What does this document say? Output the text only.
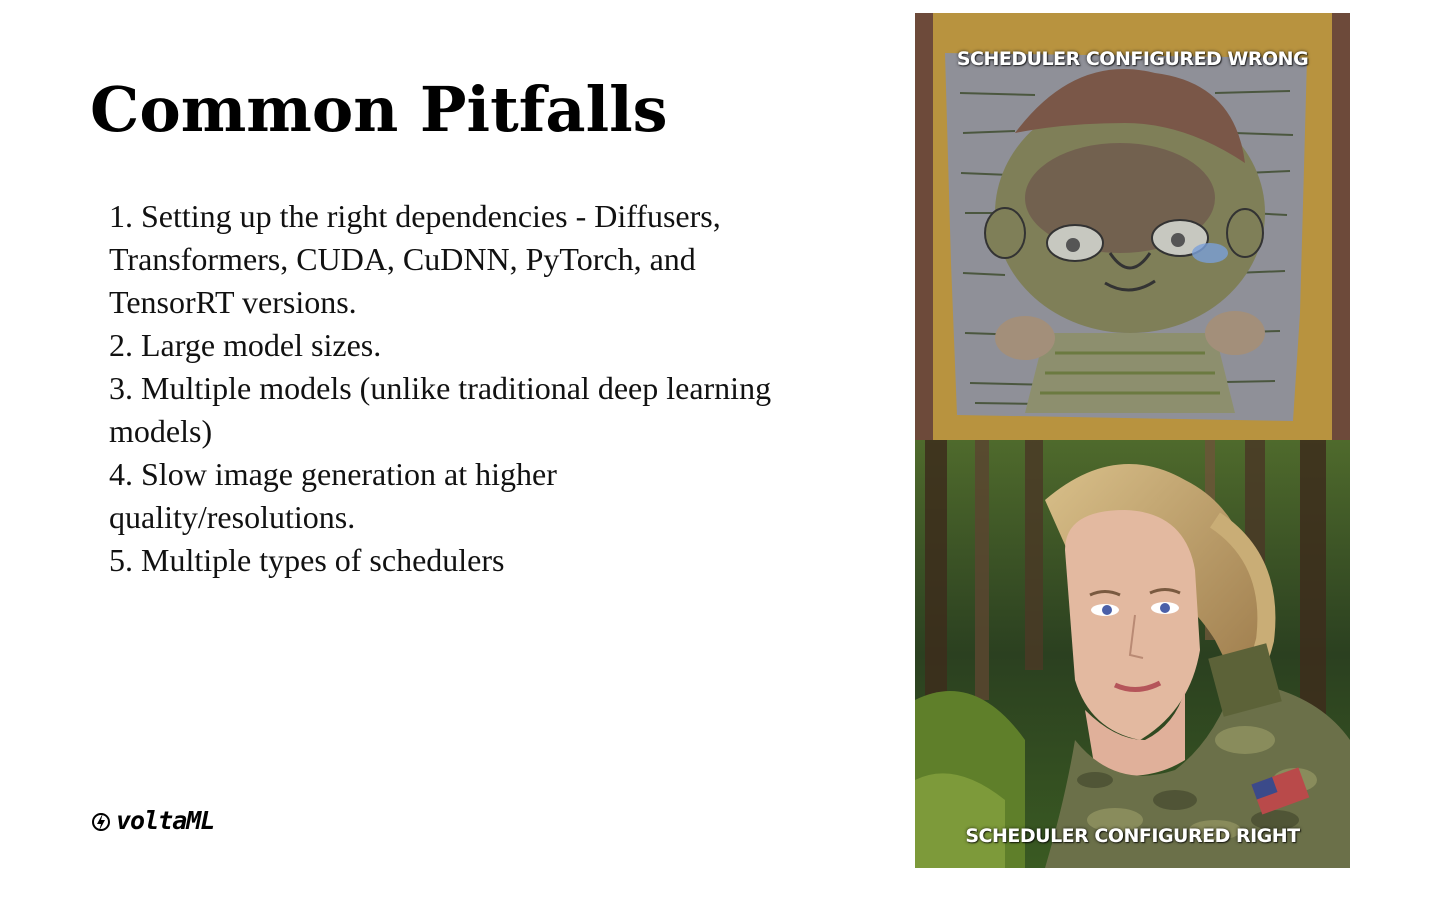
Common Pitfalls
1. Setting up the right dependencies - Diffusers, Transformers, CUDA, CuDNN, PyTorch, and TensorRT versions.
2. Large model sizes.
3. Multiple models (unlike traditional deep learning models)
4. Slow image generation at higher quality/resolutions.
5. Multiple types of schedulers
voltaML
SCHEDULER CONFIGURED WRONG
SCHEDULER CONFIGURED RIGHT
